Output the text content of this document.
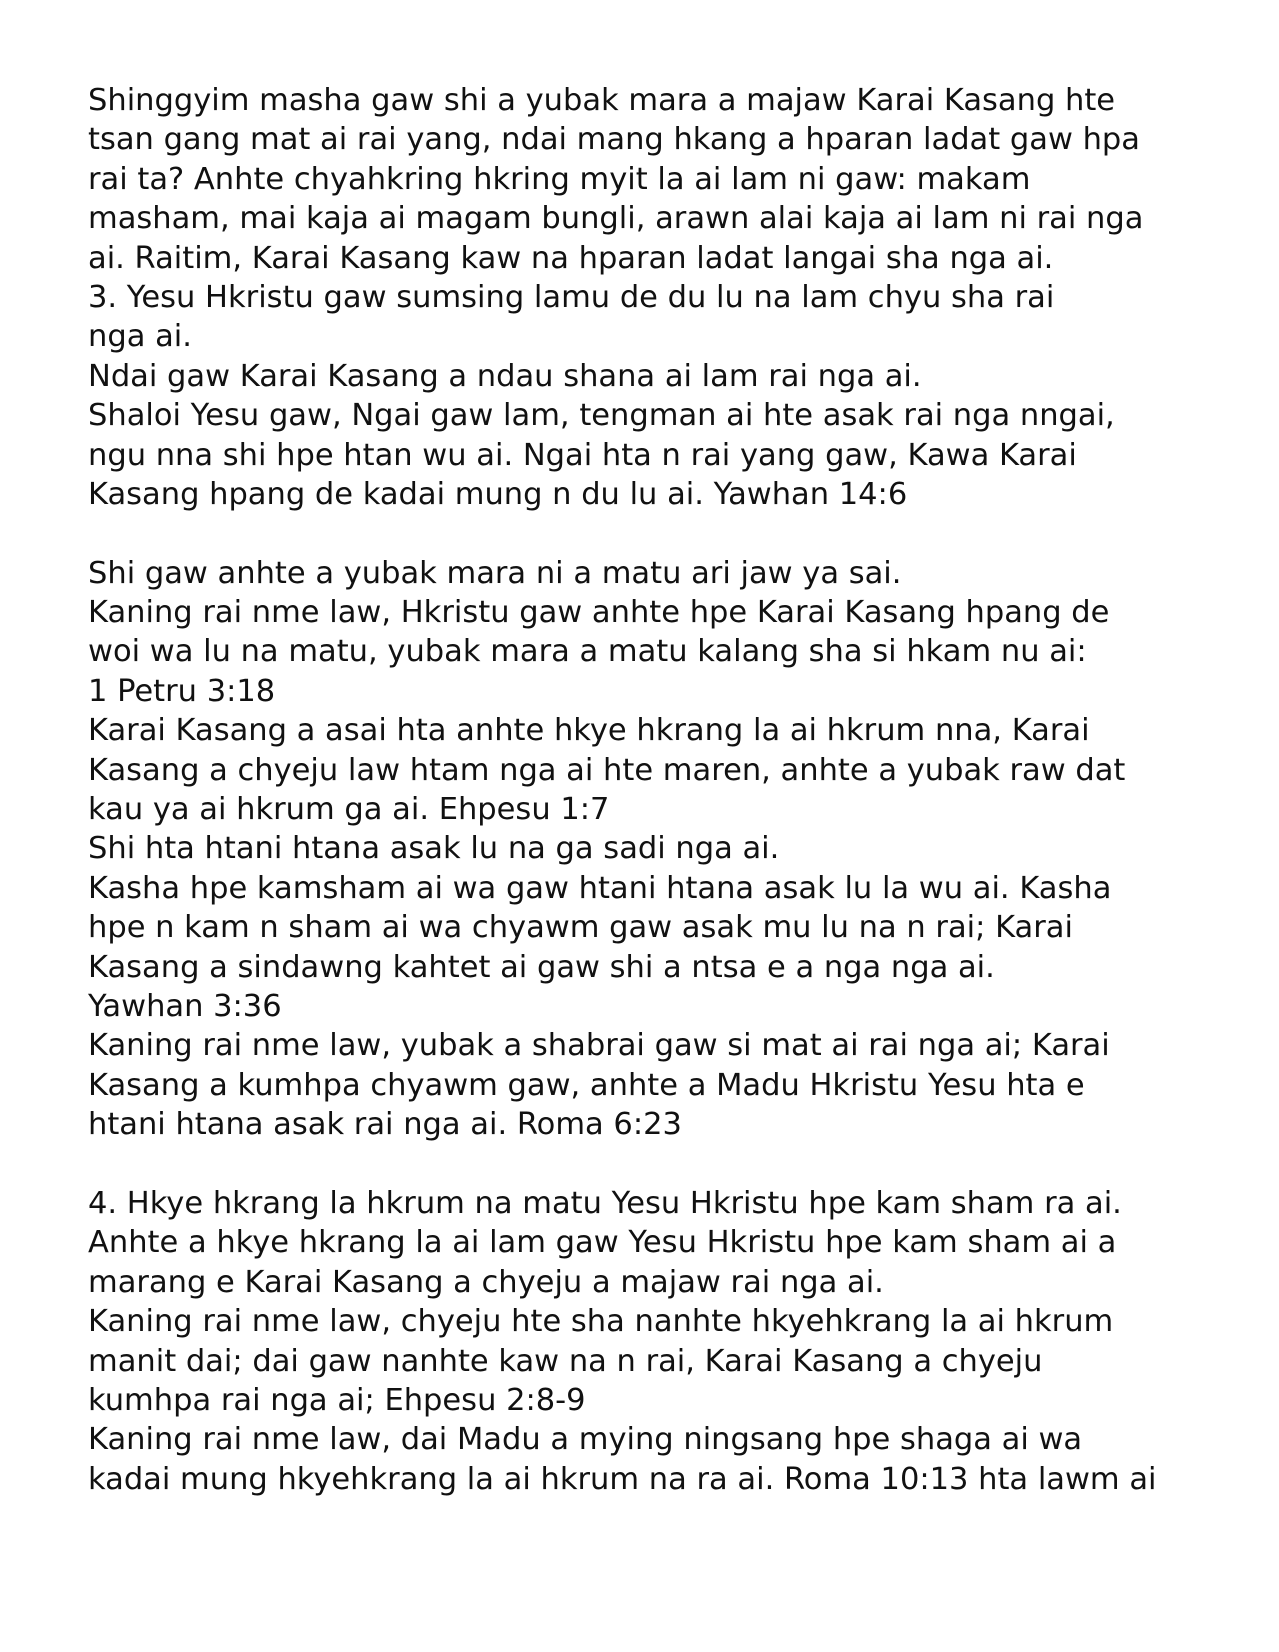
Shinggyim masha gaw shi a yubak mara a majaw Karai Kasang hte
tsan gang mat ai rai yang, ndai mang hkang a hparan ladat gaw hpa
rai ta? Anhte chyahkring hkring myit la ai lam ni gaw: makam
masham, mai kaja ai magam bungli, arawn alai kaja ai lam ni rai nga
ai. Raitim, Karai Kasang kaw na hparan ladat langai sha nga ai.
3. Yesu Hkristu gaw sumsing lamu de du lu na lam chyu sha rai
nga ai.
Ndai gaw Karai Kasang a ndau shana ai lam rai nga ai.
Shaloi Yesu gaw, Ngai gaw lam, tengman ai hte asak rai nga nngai,
ngu nna shi hpe htan wu ai. Ngai hta n rai yang gaw, Kawa Karai
Kasang hpang de kadai mung n du lu ai. Yawhan 14:6
Shi gaw anhte a yubak mara ni a matu ari jaw ya sai.
Kaning rai nme law, Hkristu gaw anhte hpe Karai Kasang hpang de
woi wa lu na matu, yubak mara a matu kalang sha si hkam nu ai:
1 Petru 3:18
Karai Kasang a asai hta anhte hkye hkrang la ai hkrum nna, Karai
Kasang a chyeju law htam nga ai hte maren, anhte a yubak raw dat
kau ya ai hkrum ga ai. Ehpesu 1:7
Shi hta htani htana asak lu na ga sadi nga ai.
Kasha hpe kamsham ai wa gaw htani htana asak lu la wu ai. Kasha
hpe n kam n sham ai wa chyawm gaw asak mu lu na n rai; Karai
Kasang a sindawng kahtet ai gaw shi a ntsa e a nga nga ai.
Yawhan 3:36
Kaning rai nme law, yubak a shabrai gaw si mat ai rai nga ai; Karai
Kasang a kumhpa chyawm gaw, anhte a Madu Hkristu Yesu hta e
htani htana asak rai nga ai. Roma 6:23
4. Hkye hkrang la hkrum na matu Yesu Hkristu hpe kam sham ra ai.
Anhte a hkye hkrang la ai lam gaw Yesu Hkristu hpe kam sham ai a
marang e Karai Kasang a chyeju a majaw rai nga ai.
Kaning rai nme law, chyeju hte sha nanhte hkyehkrang la ai hkrum
manit dai; dai gaw nanhte kaw na n rai, Karai Kasang a chyeju
kumhpa rai nga ai; Ehpesu 2:8-9
Kaning rai nme law, dai Madu a mying ningsang hpe shaga ai wa
kadai mung hkyehkrang la ai hkrum na ra ai. Roma 10:13 hta lawm ai
